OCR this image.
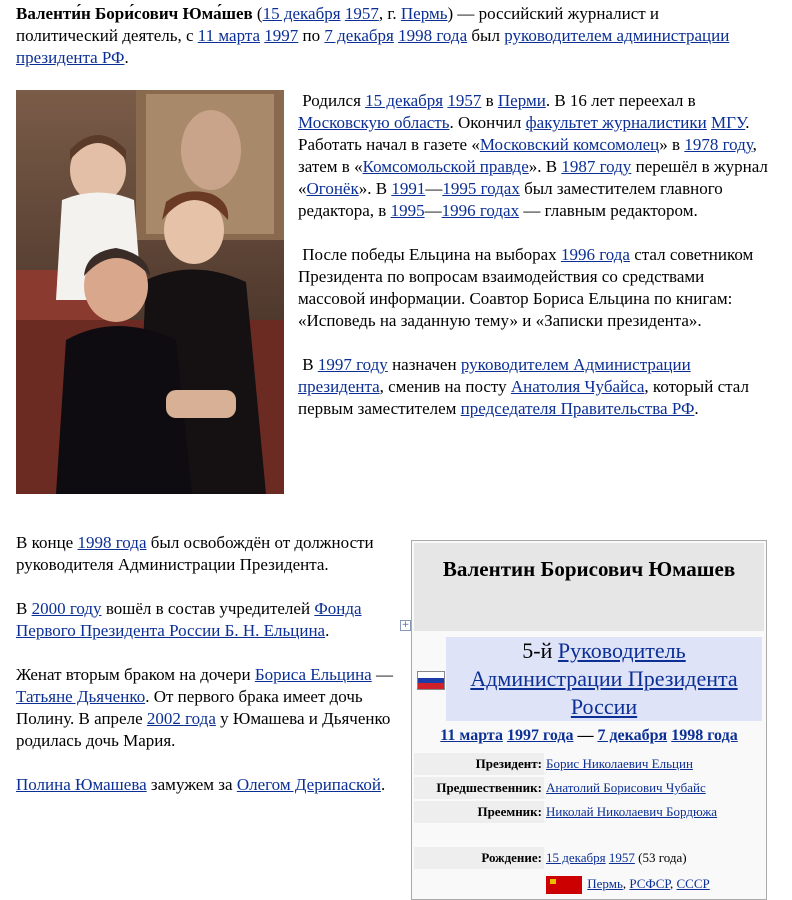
Валенти́н Бори́сович Юма́шев (15 декабря 1957, г. Пермь) — российский журналист и политический деятель, с 11 марта 1997 по 7 декабря 1998 года был руководителем администрации президента РФ.

Родился 15 декабря 1957 в Перми. В 16 лет переехал в Московскую область. Окончил факультет журналистики МГУ. Работать начал в газете «Московский комсомолец» в 1978 году, затем в «Комсомольской правде». В 1987 году перешёл в журнал «Огонёк». В 1991—1995 годах был заместителем главного редактора, в 1995—1996 годах — главным редактором.

После победы Ельцина на выборах 1996 года стал советником Президента по вопросам взаимодействия со средствами массовой информации. Соавтор Бориса Ельцина по книгам: «Исповедь на заданную тему» и «Записки президента».

В 1997 году назначен руководителем Администрации президента, сменив на посту Анатолия Чубайса, который стал первым заместителем председателя Правительства РФ.

В конце 1998 года был освобождён от должности руководителя Администрации Президента.

В 2000 году вошёл в состав учредителей Фонда Первого Президента России Б. Н. Ельцина.

Женат вторым браком на дочери Бориса Ельцина — Татьяне Дьяченко. От первого брака имеет дочь Полину. В апреле 2002 года у Юмашева и Дьяченко родилась дочь Мария.

Полина Юмашева замужем за Олегом Дерипаской.

+
Валентин Борисович Юмашев
5-й Руководитель Администрации Президента России
11 марта 1997 года — 7 декабря 1998 года
Президент: Борис Николаевич Ельцин
Предшественник: Анатолий Борисович Чубайс
Преемник: Николай Николаевич Бордюжа
Рождение: 15 декабря 1957 (53 года)
Пермь, РСФСР, СССР
